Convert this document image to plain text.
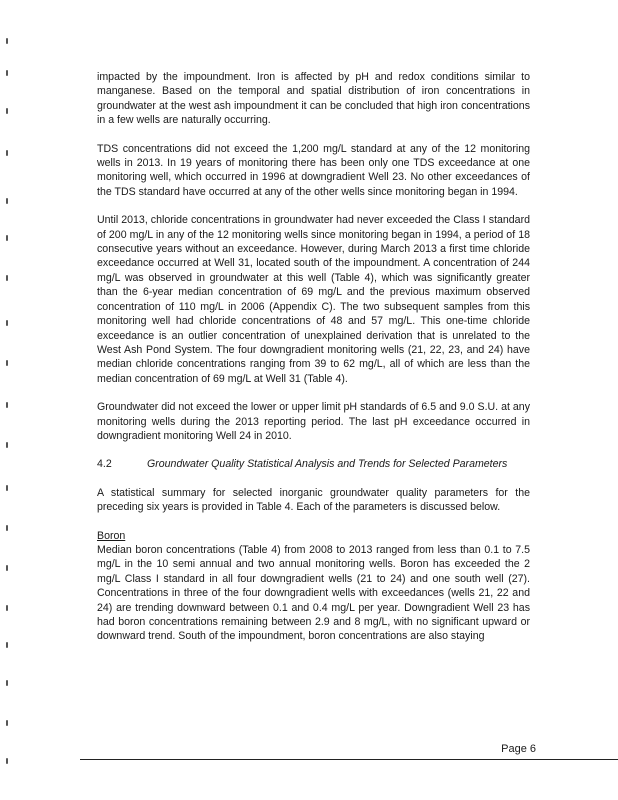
impacted by the impoundment. Iron is affected by pH and redox conditions similar to manganese. Based on the temporal and spatial distribution of iron concentrations in groundwater at the west ash impoundment it can be concluded that high iron concentrations in a few wells are naturally occurring.

TDS concentrations did not exceed the 1,200 mg/L standard at any of the 12 monitoring wells in 2013. In 19 years of monitoring there has been only one TDS exceedance at one monitoring well, which occurred in 1996 at downgradient Well 23. No other exceedances of the TDS standard have occurred at any of the other wells since monitoring began in 1994.

Until 2013, chloride concentrations in groundwater had never exceeded the Class I standard of 200 mg/L in any of the 12 monitoring wells since monitoring began in 1994, a period of 18 consecutive years without an exceedance. However, during March 2013 a first time chloride exceedance occurred at Well 31, located south of the impoundment. A concentration of 244 mg/L was observed in groundwater at this well (Table 4), which was significantly greater than the 6-year median concentration of 69 mg/L and the previous maximum observed concentration of 110 mg/L in 2006 (Appendix C). The two subsequent samples from this monitoring well had chloride concentrations of 48 and 57 mg/L. This one-time chloride exceedance is an outlier concentration of unexplained derivation that is unrelated to the West Ash Pond System. The four downgradient monitoring wells (21, 22, 23, and 24) have median chloride concentrations ranging from 39 to 62 mg/L, all of which are less than the median concentration of 69 mg/L at Well 31 (Table 4).

Groundwater did not exceed the lower or upper limit pH standards of 6.5 and 9.0 S.U. at any monitoring wells during the 2013 reporting period. The last pH exceedance occurred in downgradient monitoring Well 24 in 2010.

4.2	Groundwater Quality Statistical Analysis and Trends for Selected Parameters

A statistical summary for selected inorganic groundwater quality parameters for the preceding six years is provided in Table 4. Each of the parameters is discussed below.

Boron

Median boron concentrations (Table 4) from 2008 to 2013 ranged from less than 0.1 to 7.5 mg/L in the 10 semi annual and two annual monitoring wells. Boron has exceeded the 2 mg/L Class I standard in all four downgradient wells (21 to 24) and one south well (27). Concentrations in three of the four downgradient wells with exceedances (wells 21, 22 and 24) are trending downward between 0.1 and 0.4 mg/L per year. Downgradient Well 23 has had boron concentrations remaining between 2.9 and 8 mg/L, with no significant upward or downward trend. South of the impoundment, boron concentrations are also staying

Page 6
